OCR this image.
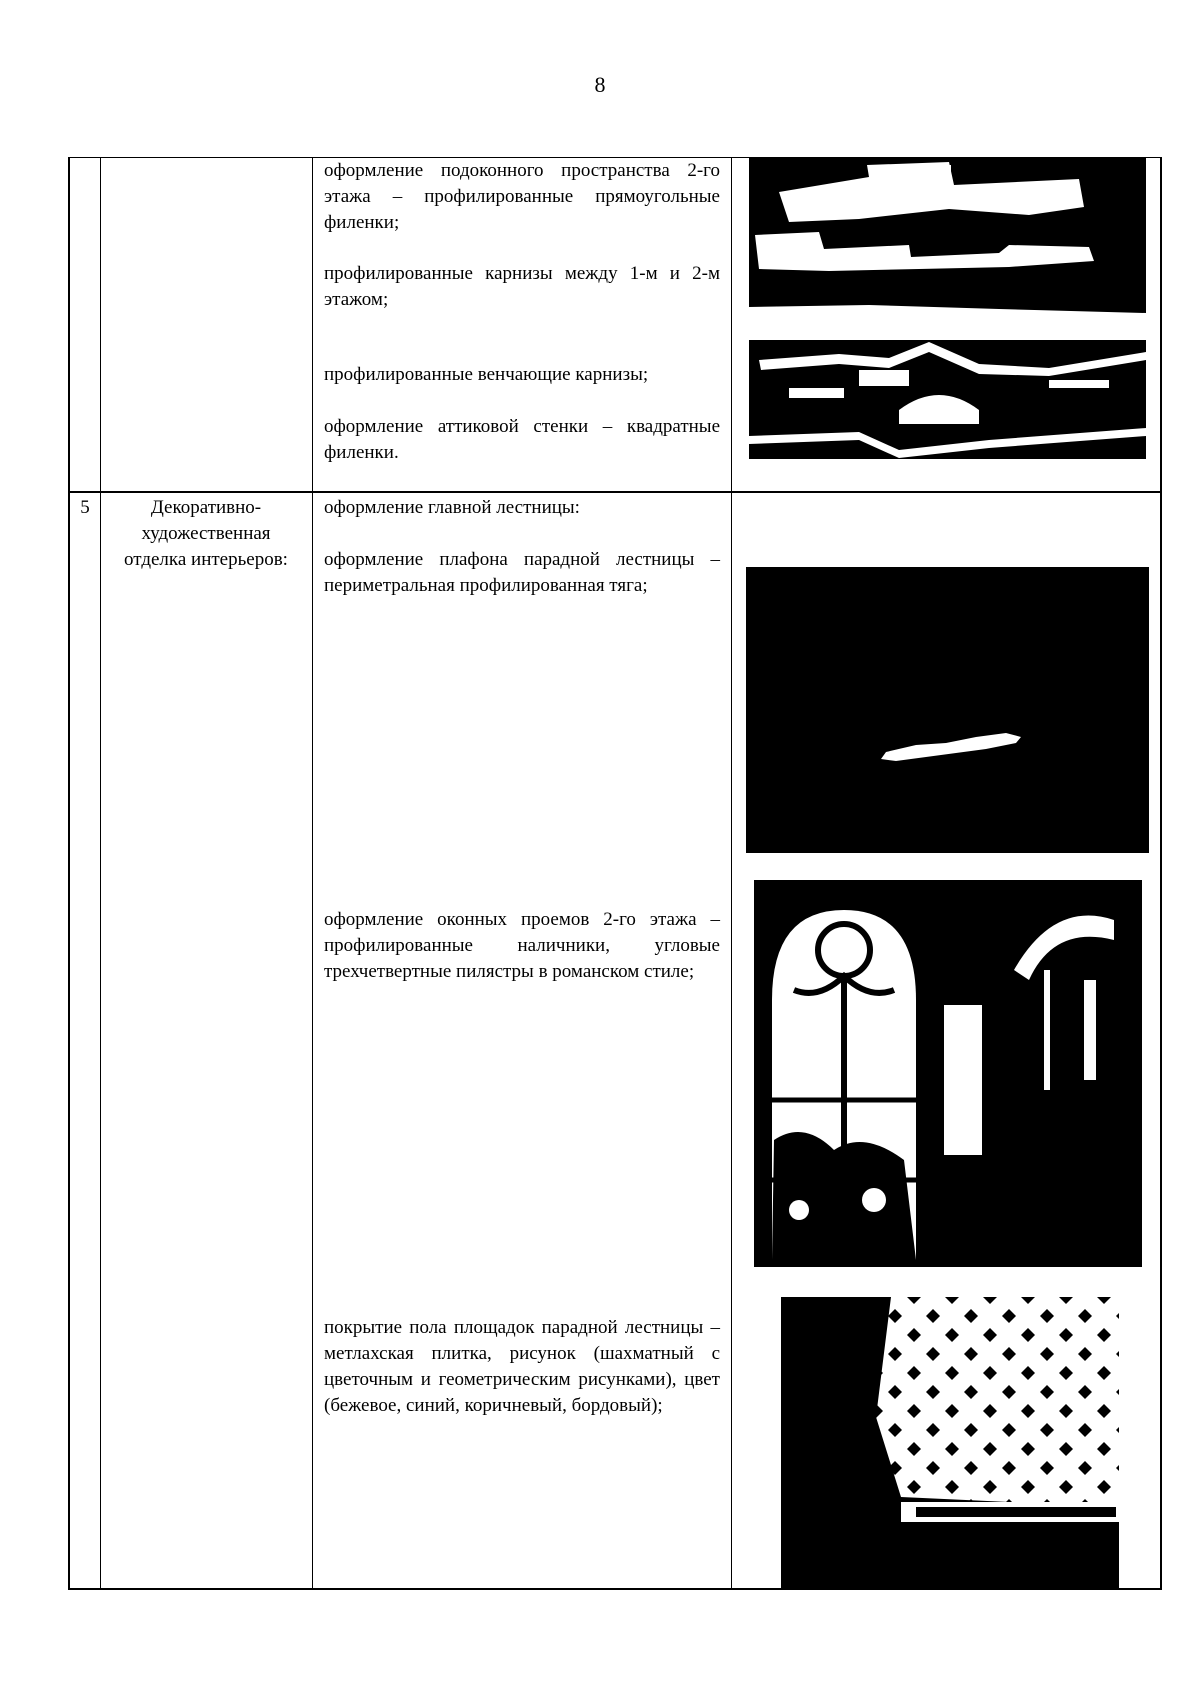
8

оформление подоконного пространства 2-го этажа – профилированные прямоугольные филенки;

профилированные карнизы между 1-м и 2-м этажом;

профилированные венчающие карнизы;

оформление аттиковой стенки – квадратные филенки.

5	Декоративно-художественная отделка интерьеров:

оформление главной лестницы:

оформление плафона парадной лестницы – периметральная профилированная тяга;

оформление оконных проемов 2-го этажа – профилированные наличники, угловые трехчетвертные пилястры в романском стиле;

покрытие пола площадок парадной лестницы – метлахская плитка, рисунок (шахматный с цветочным и геометрическим рисунками), цвет (бежевое, синий, коричневый, бордовый);
